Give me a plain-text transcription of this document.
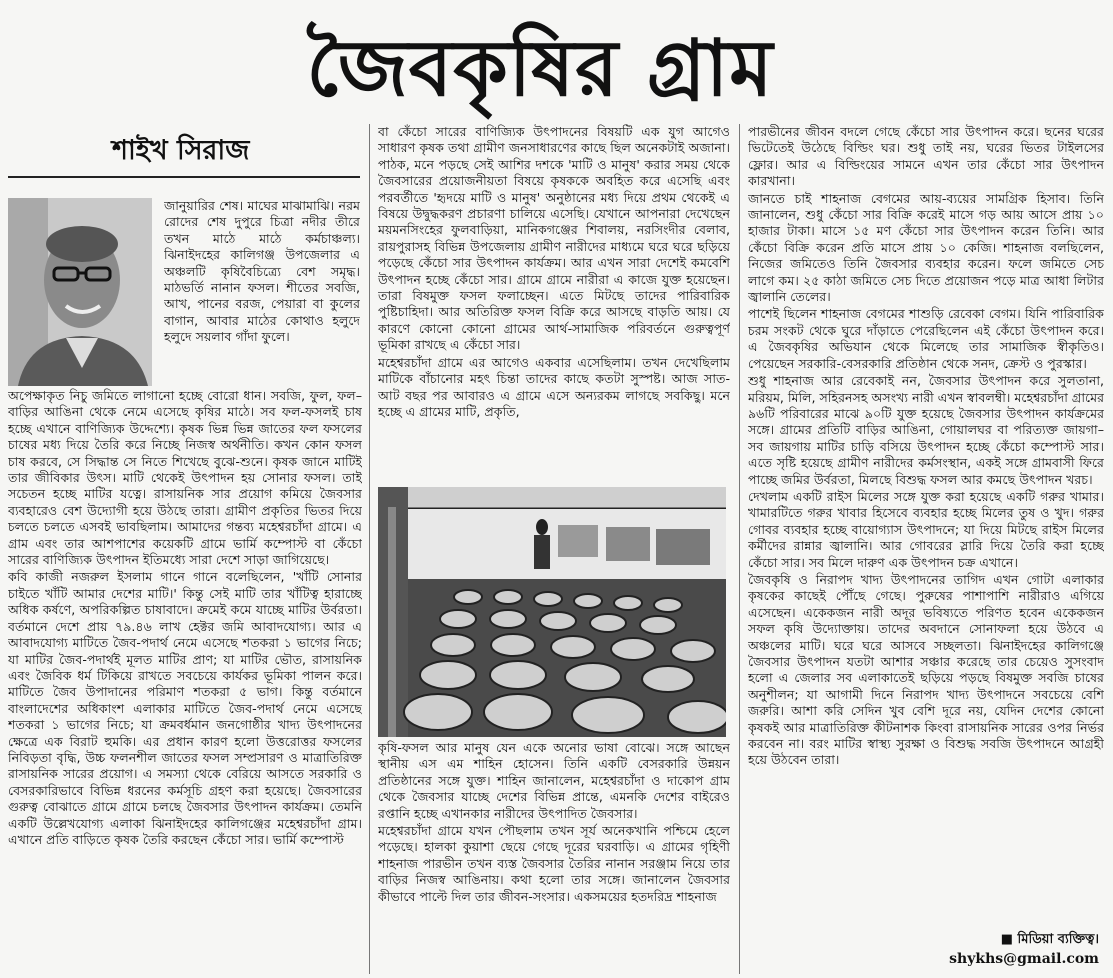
জৈবকৃষির গ্রাম
শাইখ সিরাজ

জানুয়ারির শেষ। মাঘের মাঝামাঝি। নরম রোদের শেষ দুপুরে চিত্রা নদীর তীরে তখন মাঠে মাঠে কর্মচাঞ্চল্য। ঝিনাইদহের কালিগঞ্জ উপজেলার এ অঞ্চলটি কৃষিবৈচিত্র্যে বেশ সমৃদ্ধ। মাঠভর্তি নানান ফসল। শীতের সবজি, আখ, পানের বরজ, পেয়ারা বা কুলের বাগান, আবার মাঠের কোথাও হলুদে হলুদে সয়লাব গাঁদা ফুলে।

অপেক্ষাকৃত নিচু জমিতে লাগানো হচ্ছে বোরো ধান। সবজি, ফুল, ফল– বাড়ির আঙিনা থেকে নেমে এসেছে কৃষির মাঠে। সব ফল-ফসলই চাষ হচ্ছে এখানে বাণিজ্যিক উদ্দেশ্যে। কৃষক ভিন্ন ভিন্ন জাতের ফল ফসলের চাষের মধ্য দিয়ে তৈরি করে নিচ্ছে নিজস্ব অর্থনীতি। কখন কোন ফসল চাষ করবে, সে সিদ্ধান্ত সে নিতে শিখেছে বুঝে-শুনে। কৃষক জানে মাটিই তার জীবিকার উৎস। মাটি থেকেই উৎপাদন হয় সোনার ফসল। তাই সচেতন হচ্ছে মাটির যত্নে। রাসায়নিক সার প্রয়োগ কমিয়ে জৈবসার ব্যবহারেও বেশ উদ্যোগী হয়ে উঠছে তারা। গ্রামীণ প্রকৃতির ভিতর দিয়ে চলতে চলতে এসবই ভাবছিলাম। আমাদের গন্তব্য মহেশ্বরচাঁদা গ্রামে। এ গ্রাম এবং তার আশপাশের কয়েকটি গ্রামে ভার্মি কম্পোস্ট বা কেঁচো সারের বাণিজ্যিক উৎপাদন ইতিমধ্যে সারা দেশে সাড়া জাগিয়েছে।

কবি কাজী নজরুল ইসলাম গানে গানে বলেছিলেন, 'খাঁটি সোনার চাইতে খাঁটি আমার দেশের মাটি।' কিন্তু সেই মাটি তার খাঁটিত্ব হারাচ্ছে অধিক কর্ষণে, অপরিকল্পিত চাষাবাদে। ক্রমেই কমে যাচ্ছে মাটির উর্বরতা। বর্তমানে দেশে প্রায় ৭৯.৪৬ লাখ হেক্টর জমি আবাদযোগ্য। আর এ আবাদযোগ্য মাটিতে জৈব-পদার্থ নেমে এসেছে শতকরা ১ ভাগের নিচে; যা মাটির জৈব-পদার্থই মূলত মাটির প্রাণ; যা মাটির ভৌত, রাসায়নিক এবং জৈবিক ধর্ম টিকিয়ে রাখতে সবচেয়ে কার্যকর ভূমিকা পালন করে। মাটিতে জৈব উপাদানের পরিমাণ শতকরা ৫ ভাগ। কিন্তু বর্তমানে বাংলাদেশের অধিকাংশ এলাকার মাটিতে জৈব-পদার্থ নেমে এসেছে শতকরা ১ ভাগের নিচে; যা ক্রমবর্ধমান জনগোষ্ঠীর খাদ্য উৎপাদনের ক্ষেত্রে এক বিরাট হুমকি। এর প্রধান কারণ হলো উত্তরোত্তর ফসলের নিবিড়তা বৃদ্ধি, উচ্চ ফলনশীল জাতের ফসল সম্প্রসারণ ও মাত্রাতিরিক্ত রাসায়নিক সারের প্রয়োগ। এ সমস্যা থেকে বেরিয়ে আসতে সরকারি ও বেসরকারিভাবে বিভিন্ন ধরনের কর্মসূচি গ্রহণ করা হয়েছে। জৈবসারের গুরুত্ব বোঝাতে গ্রামে গ্রামে চলছে জৈবসার উৎপাদন কার্যক্রম। তেমনি একটি উল্লেখযোগ্য এলাকা ঝিনাইদহের কালিগঞ্জের মহেশ্বরচাঁদা গ্রাম। এখানে প্রতি বাড়িতে কৃষক তৈরি করছেন কেঁচো সার। ভার্মি কম্পোস্ট

বা কেঁচো সারের বাণিজ্যিক উৎপাদনের বিষয়টি এক যুগ আগেও সাধারণ কৃষক তথা গ্রামীণ জনসাধারণের কাছে ছিল অনেকটাই অজানা। পাঠক, মনে পড়ছে সেই আশির দশকে 'মাটি ও মানুষ' করার সময় থেকে জৈবসারের প্রয়োজনীয়তা বিষয়ে কৃষককে অবহিত করে এসেছি এবং পরবর্তীতে 'হৃদয়ে মাটি ও মানুষ' অনুষ্ঠানের মধ্য দিয়ে প্রথম থেকেই এ বিষয়ে উদ্বুদ্ধকরণ প্রচারণা চালিয়ে এসেছি। যেখানে আপনারা দেখেছেন ময়মনসিংহের ফুলবাড়িয়া, মানিকগঞ্জের শিবালয়, নরসিংদীর বেলাব, রায়পুরাসহ বিভিন্ন উপজেলায় গ্রামীণ নারীদের মাধ্যমে ঘরে ঘরে ছড়িয়ে পড়েছে কেঁচো সার উৎপাদন কার্যক্রম। আর এখন সারা দেশেই কমবেশি উৎপাদন হচ্ছে কেঁচো সার। গ্রামে গ্রামে নারীরা এ কাজে যুক্ত হয়েছেন। তারা বিষমুক্ত ফসল ফলাচ্ছেন। এতে মিটছে তাদের পারিবারিক পুষ্টিচাহিদা। আর অতিরিক্ত ফসল বিক্রি করে আসছে বাড়তি আয়। যে কারণে কোনো কোনো গ্রামের আর্থ-সামাজিক পরিবর্তনে গুরুত্বপূর্ণ ভূমিকা রাখছে এ কেঁচো সার।

মহেশ্বরচাঁদা গ্রামে এর আগেও একবার এসেছিলাম। তখন দেখেছিলাম মাটিকে বাঁচানোর মহৎ চিন্তা তাদের কাছে কতটা সুস্পষ্ট। আজ সাত-আট বছর পর আবারও এ গ্রামে এসে অন্যরকম লাগছে সবকিছু। মনে হচ্ছে এ গ্রামের মাটি, প্রকৃতি,

কৃষি-ফসল আর মানুষ যেন একে অনোর ভাষা বোঝে। সঙ্গে আছেন স্থানীয় এস এম শাহিন হোসেন। তিনি একটি বেসরকারি উন্নয়ন প্রতিষ্ঠানের সঙ্গে যুক্ত। শাহিন জানালেন, মহেশ্বরচাঁদা ও দাকোপ গ্রাম থেকে জৈবসার যাচ্ছে দেশের বিভিন্ন প্রান্তে, এমনকি দেশের বাইরেও রপ্তানি হচ্ছে এখানকার নারীদের উৎপাদিত জৈবসার।

মহেশ্বরচাঁদা গ্রামে যখন পৌছলাম তখন সূর্য অনেকখানি পশ্চিমে হেলে পড়েছে। হালকা কুয়াশা ছেয়ে গেছে দূরের ঘরবাড়ি। এ গ্রামের গৃহিণী শাহনাজ পারভীন তখন ব্যস্ত জৈবসার তৈরির নানান সরঞ্জাম নিয়ে তার বাড়ির নিজস্ব আঙিনায়। কথা হলো তার সঙ্গে। জানালেন জৈবসার কীভাবে পাল্টে দিল তার জীবন-সংসার। একসময়ের হতদরিদ্র শাহনাজ

পারভীনের জীবন বদলে গেছে কেঁচো সার উৎপাদন করে। ছনের ঘরের ভিটেতেই উঠেছে বিল্ডিং ঘর। শুধু তাই নয়, ঘরের ভিতর টাইলসের ফ্লোর। আর এ বিল্ডিংয়ের সামনে এখন তার কেঁচো সার উৎপাদন কারখানা।

জানতে চাই শাহনাজ বেগমের আয়-ব্যয়ের সামগ্রিক হিসাব। তিনি জানালেন, শুধু কেঁচো সার বিক্রি করেই মাসে গড় আয় আসে প্রায় ১০ হাজার টাকা। মাসে ১৫ মণ কেঁচো সার উৎপাদন করেন তিনি। আর কেঁচো বিক্রি করেন প্রতি মাসে প্রায় ১০ কেজি। শাহনাজ বলছিলেন, নিজের জমিতেও তিনি জৈবসার ব্যবহার করেন। ফলে জমিতে সেচ লাগে কম। ২৫ কাঠা জমিতে সেচ দিতে প্রয়োজন পড়ে মাত্র আধা লিটার জ্বালানি তেলের।

পাশেই ছিলেন শাহনাজ বেগমের শাশুড়ি রেবেকা বেগম। যিনি পারিবারিক চরম সংকট থেকে ঘুরে দাঁড়াতে পেরেছিলেন এই কেঁচো উৎপাদন করে। এ জৈবকৃষির অভিযান থেকে মিলেছে তার সামাজিক স্বীকৃতিও। পেয়েছেন সরকারি-বেসরকারি প্রতিষ্ঠান থেকে সনদ, ক্রেস্ট ও পুরস্কার।

শুধু শাহনাজ আর রেবেকাই নন, জৈবসার উৎপাদন করে সুলতানা, মরিয়ম, মিলি, সহিরনসহ অসংখ্য নারী এখন স্বাবলম্বী। মহেশ্বরচাঁদা গ্রামের ৯৬টি পরিবারের মাঝে ৯০টি যুক্ত হয়েছে জৈবসার উৎপাদন কার্যক্রমের সঙ্গে। গ্রামের প্রতিটি বাড়ির আঙিনা, গোয়ালঘর বা পরিত্যক্ত জায়গা– সব জায়গায় মাটির চাড়ি বসিয়ে উৎপাদন হচ্ছে কেঁচো কম্পোস্ট সার। এতে সৃষ্টি হয়েছে গ্রামীণ নারীদের কর্মসংস্থান, একই সঙ্গে গ্রামবাসী ফিরে পাচ্ছে জমির উর্বরতা, মিলছে বিশুদ্ধ ফসল আর কমছে উৎপাদন খরচ।

দেখলাম একটি রাইস মিলের সঙ্গে যুক্ত করা হয়েছে একটি গরুর খামার। খামারটিতে গরুর খাবার হিসেবে ব্যবহার হচ্ছে মিলের তুষ ও খুদ। গরুর গোবর ব্যবহার হচ্ছে বায়োগ্যাস উৎপাদনে; যা দিয়ে মিটছে রাইস মিলের কর্মীদের রান্নার জ্বালানি। আর গোবরের স্লারি দিয়ে তৈরি করা হচ্ছে কেঁচো সার। সব মিলে দারুণ এক উৎপাদন চক্র এখানে।

জৈবকৃষি ও নিরাপদ খাদ্য উৎপাদনের তাগিদ এখন গোটা এলাকার কৃষকের কাছেই পৌঁছে গেছে। পুরুষের পাশাপাশি নারীরাও এগিয়ে এসেছেন। একেকজন নারী অদূর ভবিষ্যতে পরিণত হবেন একেকজন সফল কৃষি উদ্যোক্তায়। তাদের অবদানে সোনাফলা হয়ে উঠবে এ অঞ্চলের মাটি। ঘরে ঘরে আসবে সচ্ছলতা। ঝিনাইদহের কালিগঞ্জে জৈবসার উৎপাদন যতটা আশার সঞ্চার করেছে তার চেয়েও সুসংবাদ হলো এ জেলার সব এলাকাতেই ছড়িয়ে পড়ছে বিষমুক্ত সবজি চাষের অনুশীলন; যা আগামী দিনে নিরাপদ খাদ্য উৎপাদনে সবচেয়ে বেশি জরুরি। আশা করি সেদিন খুব বেশি দূরে নয়, যেদিন দেশের কোনো কৃষকই আর মাত্রাতিরিক্ত কীটনাশক কিংবা রাসায়নিক সারের ওপর নির্ভর করবেন না। বরং মাটির স্বাস্থ্য সুরক্ষা ও বিশুদ্ধ সবজি উৎপাদনে আগ্রহী হয়ে উঠবেন তারা।

■ মিডিয়া ব্যক্তিত্ব।
shykhs@gmail.com
